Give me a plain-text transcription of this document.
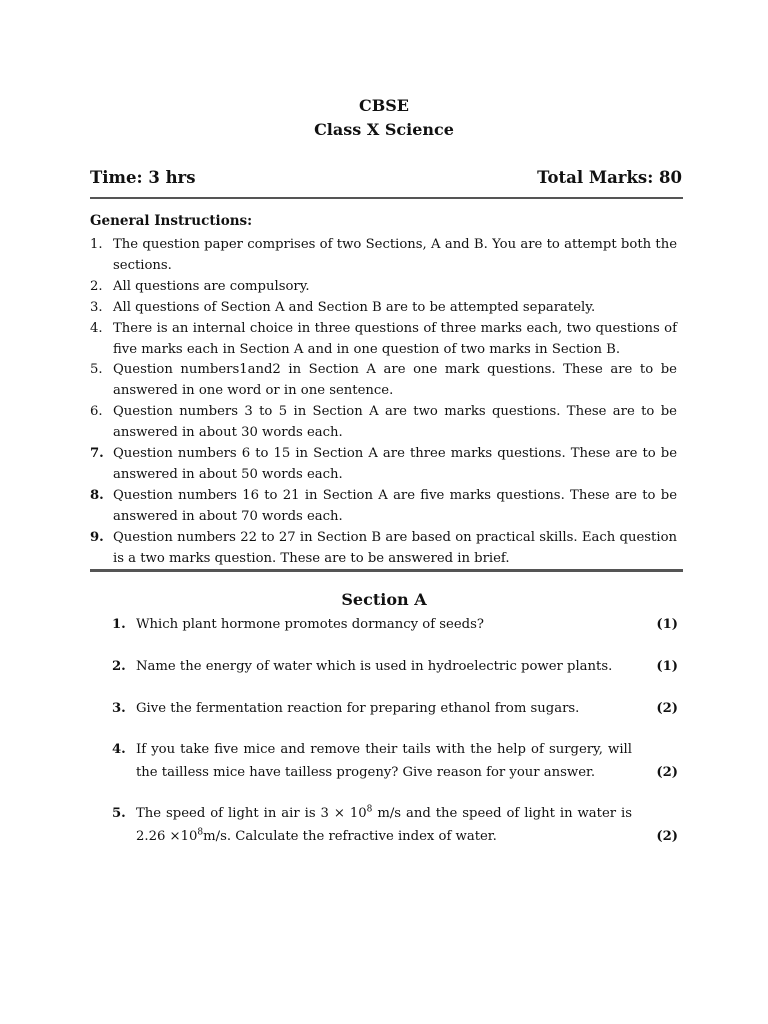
CBSE
Class X Science
Time: 3 hrs	Total Marks: 80
General Instructions:
1. The question paper comprises of two Sections, A and B. You are to attempt both the sections.
2. All questions are compulsory.
3. All questions of Section A and Section B are to be attempted separately.
4. There is an internal choice in three questions of three marks each, two questions of five marks each in Section A and in one question of two marks in Section B.
5. Question numbers1and2 in Section A are one mark questions. These are to be answered in one word or in one sentence.
6. Question numbers 3 to 5 in Section A are two marks questions. These are to be answered in about 30 words each.
7. Question numbers 6 to 15 in Section A are three marks questions. These are to be answered in about 50 words each.
8. Question numbers 16 to 21 in Section A are five marks questions. These are to be answered in about 70 words each.
9. Question numbers 22 to 27 in Section B are based on practical skills. Each question is a two marks question. These are to be answered in brief.
Section A
1. Which plant hormone promotes dormancy of seeds?	(1)
2. Name the energy of water which is used in hydroelectric power plants.	(1)
3. Give the fermentation reaction for preparing ethanol from sugars.	(2)
4. If you take five mice and remove their tails with the help of surgery, will the tailless mice have tailless progeny? Give reason for your answer.	(2)
5. The speed of light in air is $3 \times 10^8$ m/s and the speed of light in water is $2.26 \times 10^8m/s$. Calculate the refractive index of water.	(2)
